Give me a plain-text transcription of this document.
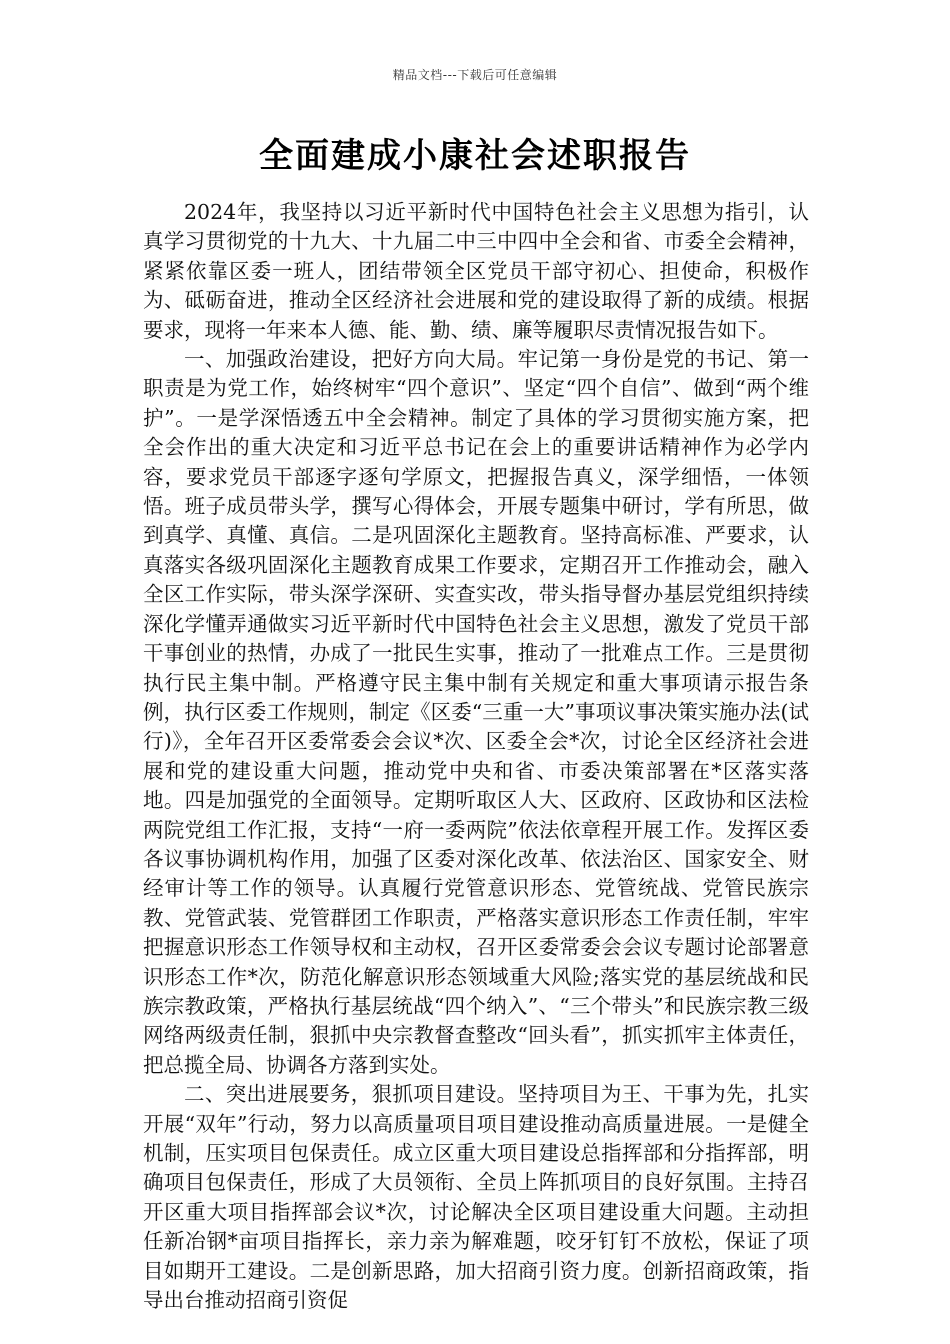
精品文档---下载后可任意编辑
全面建成小康社会述职报告

2024年，我坚持以习近平新时代中国特色社会主义思想为指引，认真学习贯彻党的十九大、十九届二中三中四中全会和省、市委全会精神，紧紧依靠区委一班人，团结带领全区党员干部守初心、担使命，积极作为、砥砺奋进，推动全区经济社会进展和党的建设取得了新的成绩。根据要求，现将一年来本人德、能、勤、绩、廉等履职尽责情况报告如下。

一、加强政治建设，把好方向大局。牢记第一身份是党的书记、第一职责是为党工作，始终树牢“四个意识”、坚定“四个自信”、做到“两个维护”。一是学深悟透五中全会精神。制定了具体的学习贯彻实施方案，把全会作出的重大决定和习近平总书记在会上的重要讲话精神作为必学内容，要求党员干部逐字逐句学原文，把握报告真义，深学细悟，一体领悟。班子成员带头学，撰写心得体会，开展专题集中研讨，学有所思，做到真学、真懂、真信。二是巩固深化主题教育。坚持高标准、严要求，认真落实各级巩固深化主题教育成果工作要求，定期召开工作推动会，融入全区工作实际，带头深学深研、实查实改，带头指导督办基层党组织持续深化学懂弄通做实习近平新时代中国特色社会主义思想，激发了党员干部干事创业的热情，办成了一批民生实事，推动了一批难点工作。三是贯彻执行民主集中制。严格遵守民主集中制有关规定和重大事项请示报告条例，执行区委工作规则，制定《区委“三重一大”事项议事决策实施办法(试行)》，全年召开区委常委会会议*次、区委全会*次，讨论全区经济社会进展和党的建设重大问题，推动党中央和省、市委决策部署在*区落实落地。四是加强党的全面领导。定期听取区人大、区政府、区政协和区法检两院党组工作汇报，支持“一府一委两院”依法依章程开展工作。发挥区委各议事协调机构作用，加强了区委对深化改革、依法治区、国家安全、财经审计等工作的领导。认真履行党管意识形态、党管统战、党管民族宗教、党管武装、党管群团工作职责，严格落实意识形态工作责任制，牢牢把握意识形态工作领导权和主动权，召开区委常委会会议专题讨论部署意识形态工作*次，防范化解意识形态领域重大风险;落实党的基层统战和民族宗教政策，严格执行基层统战“四个纳入”、“三个带头”和民族宗教三级网络两级责任制，狠抓中央宗教督查整改“回头看”，抓实抓牢主体责任，把总揽全局、协调各方落到实处。

二、突出进展要务，狠抓项目建设。坚持项目为王、干事为先，扎实开展“双年”行动，努力以高质量项目项目建设推动高质量进展。一是健全机制，压实项目包保责任。成立区重大项目建设总指挥部和分指挥部，明确项目包保责任，形成了大员领衔、全员上阵抓项目的良好氛围。主持召开区重大项目指挥部会议*次，讨论解决全区项目建设重大问题。主动担任新冶钢*亩项目指挥长，亲力亲为解难题，咬牙钉钉不放松，保证了项目如期开工建设。二是创新思路，加大招商引资力度。创新招商政策，指导出台推动招商引资促
